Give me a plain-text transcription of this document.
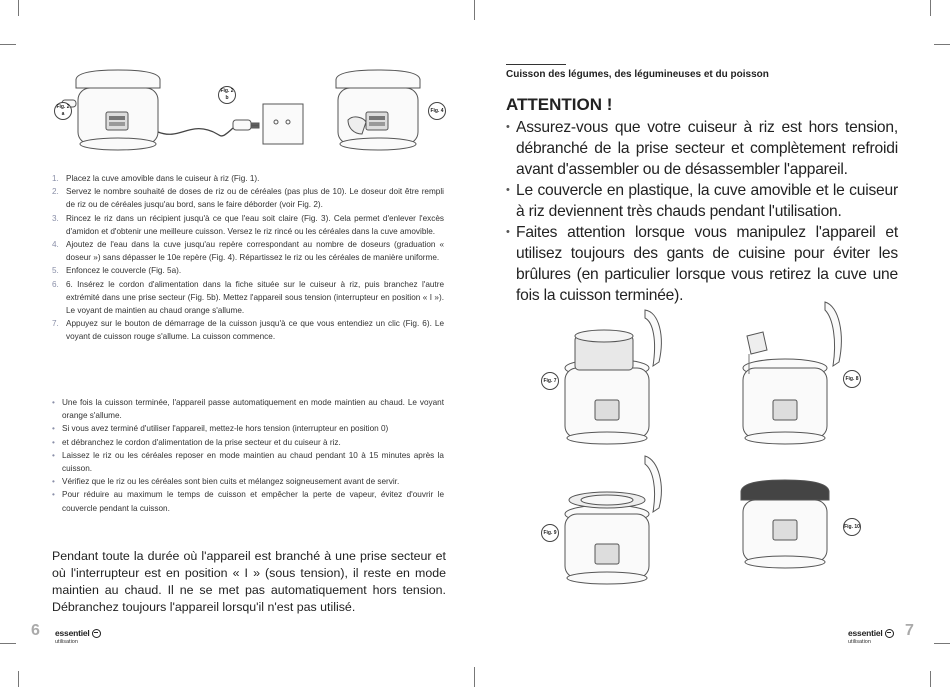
Fig. 2 a
Fig. 2 b
Fig. 4
1. Placez la cuve amovible dans le cuiseur à riz (Fig. 1).
2. Servez le nombre souhaité de doses de riz ou de céréales (pas plus de 10). Le doseur doit être rempli de riz ou de céréales jusqu'au bord, sans le faire déborder (voir Fig. 2).
3. Rincez le riz dans un récipient jusqu'à ce que l'eau soit claire (Fig. 3). Cela permet d'enlever l'excès d'amidon et d'obtenir une meilleure cuisson. Versez le riz rincé ou les céréales dans la cuve amovible.
4. Ajoutez de l'eau dans la cuve jusqu'au repère correspondant au nombre de doseurs (graduation « doseur ») sans dépasser le 10e repère (Fig. 4). Répartissez le riz ou les céréales de manière uniforme.
5. Enfoncez le couvercle (Fig. 5a).
6. 6. Insérez le cordon d'alimentation dans la fiche située sur le cuiseur à riz, puis branchez l'autre extrémité dans une prise secteur (Fig. 5b). Mettez l'appareil sous tension (interrupteur en position « I »). Le voyant de maintien au chaud orange s'allume.
7. Appuyez sur le bouton de démarrage de la cuisson jusqu'à ce que vous entendiez un clic (Fig. 6). Le voyant de cuisson rouge s'allume. La cuisson commence.
• Une fois la cuisson terminée, l'appareil passe automatiquement en mode maintien au chaud. Le voyant orange s'allume.
• Si vous avez terminé d'utiliser l'appareil, mettez-le hors tension (interrupteur en position 0)
• et débranchez le cordon d'alimentation de la prise secteur et du cuiseur à riz.
• Laissez le riz ou les céréales reposer en mode maintien au chaud pendant 10 à 15 minutes après la cuisson.
• Vérifiez que le riz ou les céréales sont bien cuits et mélangez soigneusement avant de servir.
• Pour réduire au maximum le temps de cuisson et empêcher la perte de vapeur, évitez d'ouvrir le couvercle pendant la cuisson.

Pendant toute la durée où l'appareil est branché à une prise secteur et où l'interrupteur est en position « I » (sous tension), il reste en mode maintien au chaud. Il ne se met pas automatiquement hors tension. Débranchez toujours l'appareil lorsqu'il n'est pas utilisé.

6 essentiel
utilisation
Cuisson des légumes, des légumineuses et du poisson
ATTENTION !
• Assurez-vous que votre cuiseur à riz est hors tension, débranché de la prise secteur et complètement refroidi avant d'assembler ou de désassembler l'appareil.
• Le couvercle en plastique, la cuve amovible et le cuiseur à riz deviennent très chauds pendant l'utilisation.
• Faites attention lorsque vous manipulez l'appareil et utilisez toujours des gants de cuisine pour éviter les brûlures (en particulier lorsque vous retirez la cuve une fois la cuisson terminée).
Fig. 7	Fig. 8
Fig. 9
Fig. 10
essentiel
utilisation
7
